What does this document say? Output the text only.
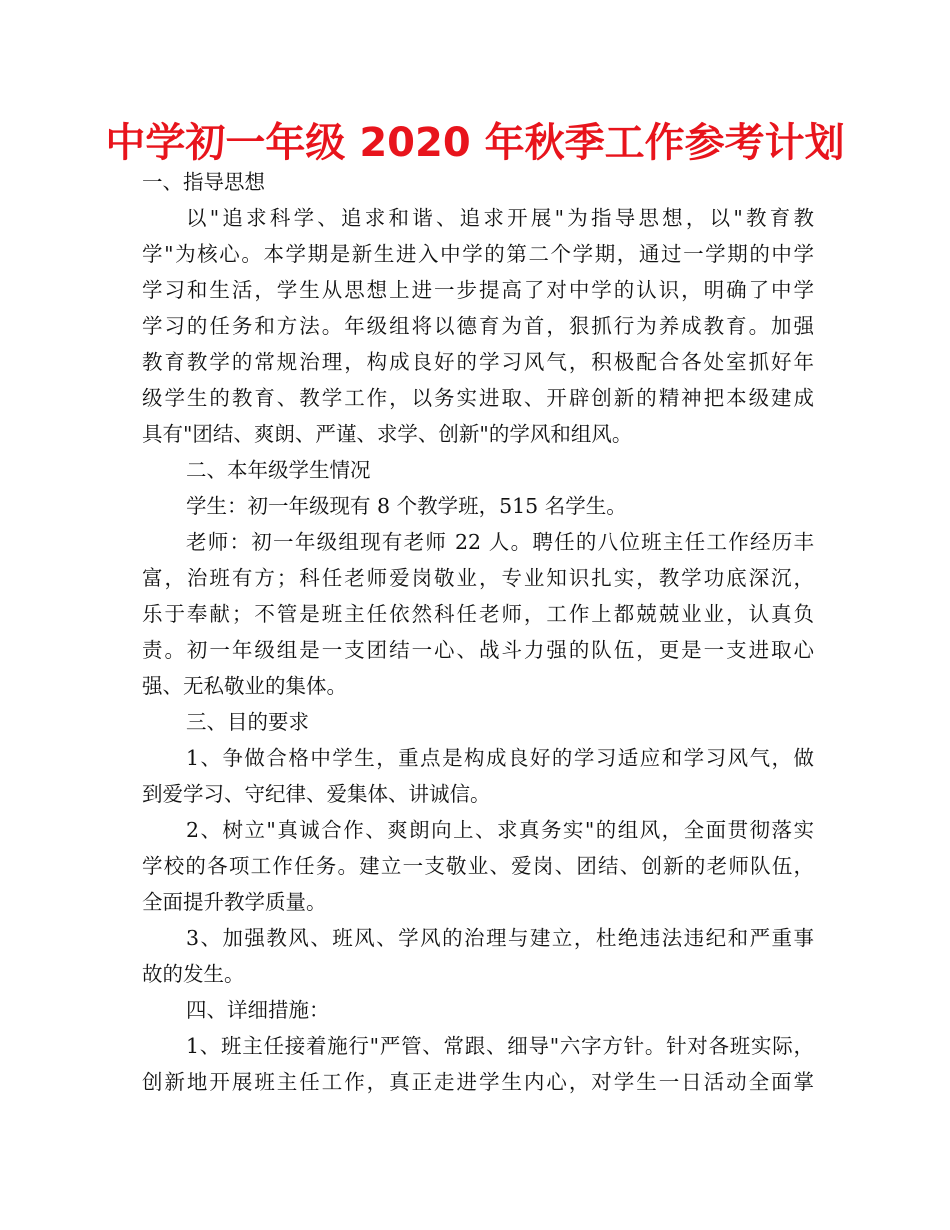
中学初一年级 2020 年秋季工作参考计划

一、指导思想

以"追求科学、追求和谐、追求开展"为指导思想，以"教育教
学"为核心。本学期是新生进入中学的第二个学期，通过一学期的中学
学习和生活，学生从思想上进一步提高了对中学的认识，明确了中学
学习的任务和方法。年级组将以德育为首，狠抓行为养成教育。加强
教育教学的常规治理，构成良好的学习风气，积极配合各处室抓好年
级学生的教育、教学工作，以务实进取、开辟创新的精神把本级建成
具有"团结、爽朗、严谨、求学、创新"的学风和组风。

二、本年级学生情况

学生：初一年级现有 8 个教学班，515 名学生。

老师：初一年级组现有老师 22 人。聘任的八位班主任工作经历丰
富，治班有方；科任老师爱岗敬业，专业知识扎实，教学功底深沉，
乐于奉献；不管是班主任依然科任老师，工作上都兢兢业业，认真负
责。初一年级组是一支团结一心、战斗力强的队伍，更是一支进取心
强、无私敬业的集体。

三、目的要求

1、争做合格中学生，重点是构成良好的学习适应和学习风气，做
到爱学习、守纪律、爱集体、讲诚信。
2、树立"真诚合作、爽朗向上、求真务实"的组风，全面贯彻落实
学校的各项工作任务。建立一支敬业、爱岗、团结、创新的老师队伍，
全面提升教学质量。
3、加强教风、班风、学风的治理与建立，杜绝违法违纪和严重事
故的发生。

四、详细措施：

1、班主任接着施行"严管、常跟、细导"六字方针。针对各班实际，
创新地开展班主任工作，真正走进学生内心，对学生一日活动全面掌
